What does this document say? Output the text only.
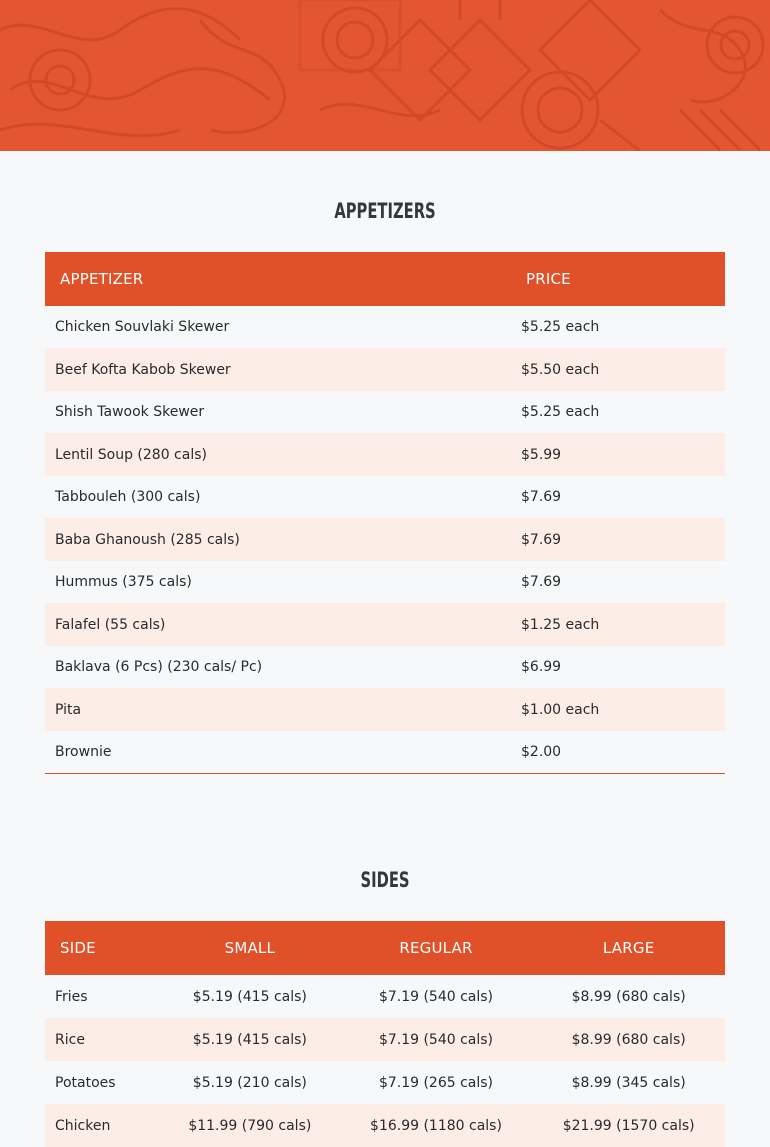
APPETIZERS
APPETIZER	PRICE
Chicken Souvlaki Skewer	$5.25 each
Beef Kofta Kabob Skewer	$5.50 each
Shish Tawook Skewer	$5.25 each
Lentil Soup (280 cals)	$5.99
Tabbouleh (300 cals)	$7.69
Baba Ghanoush (285 cals)	$7.69
Hummus (375 cals)	$7.69
Falafel (55 cals)	$1.25 each
Baklava (6 Pcs) (230 cals/ Pc)	$6.99
Pita	$1.00 each
Brownie	$2.00
SIDES
SIDE	SMALL	REGULAR	LARGE
Fries	$5.19 (415 cals)	$7.19 (540 cals)	$8.99 (680 cals)
Rice	$5.19 (415 cals)	$7.19 (540 cals)	$8.99 (680 cals)
Potatoes	$5.19 (210 cals)	$7.19 (265 cals)	$8.99 (345 cals)
Chicken	$11.99 (790 cals)	$16.99 (1180 cals)	$21.99 (1570 cals)
